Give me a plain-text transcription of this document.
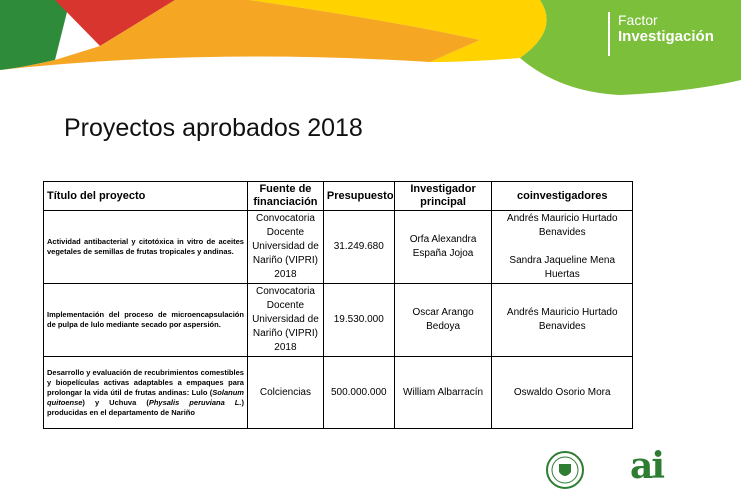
Factor
Investigación
Proyectos aprobados 2018
Título del proyecto	Fuente de financiación	Presupuesto	Investigador principal	coinvestigadores
Actividad antibacterial y citotóxica in vitro de aceites vegetales de semillas de frutas tropicales y andinas.	Convocatoria Docente Universidad de Nariño (VIPRI) 2018	31.249.680	Orfa Alexandra España Jojoa	Andrés Mauricio Hurtado Benavides
Sandra Jaqueline Mena Huertas
Implementación del proceso de microencapsulación de pulpa de lulo mediante secado por aspersión.	Convocatoria Docente Universidad de Nariño (VIPRI) 2018	19.530.000	Oscar Arango Bedoya	Andrés Mauricio Hurtado Benavides
Desarrollo y evaluación de recubrimientos comestibles y biopelículas activas adaptables a empaques para prolongar la vida útil de frutas andinas: Lulo (Solanum quitoense) y Uchuva (Physalis peruviana L.) producidas en el departamento de Nariño	Colciencias	500.000.000	William Albarracín	Oswaldo Osorio Mora
ai
